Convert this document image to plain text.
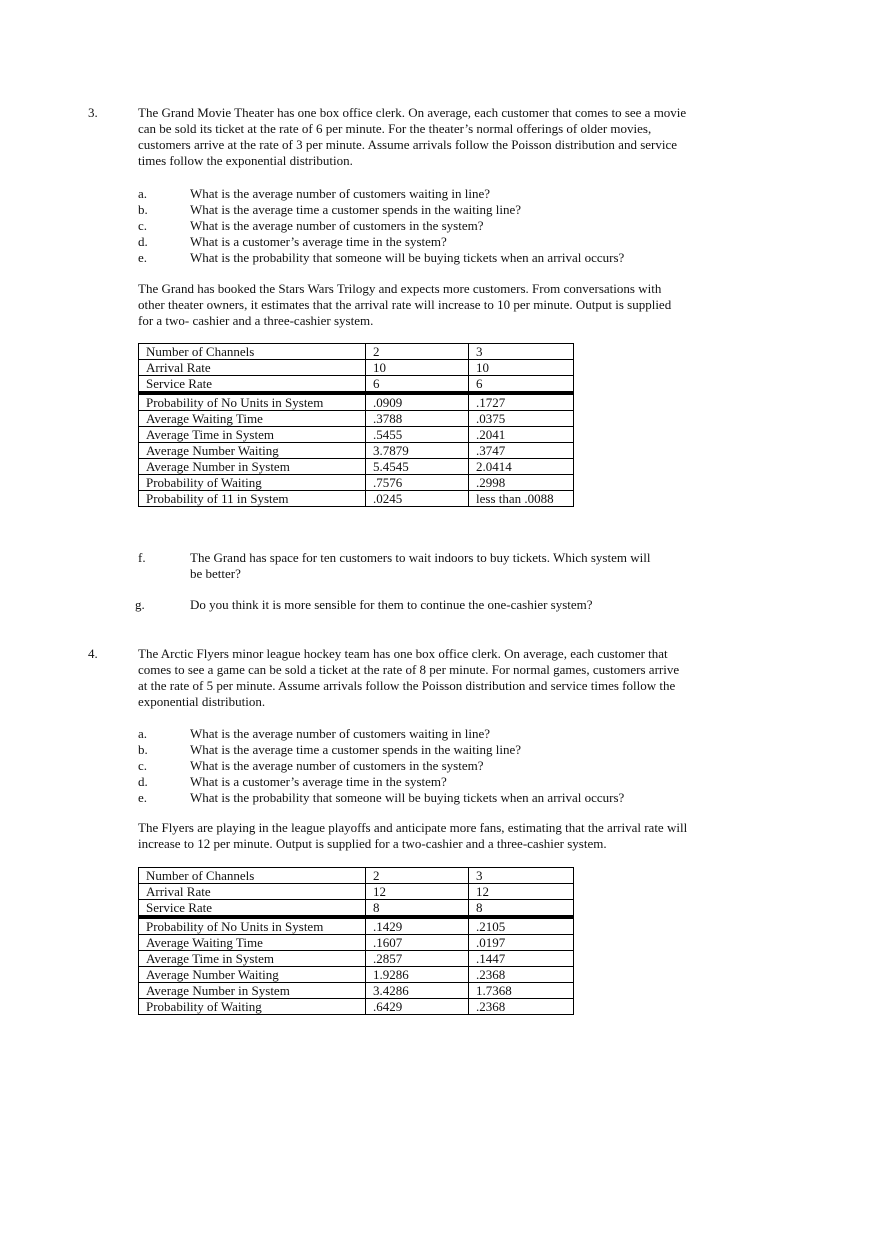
3.	The Grand Movie Theater has one box office clerk. On average, each customer that comes to see a movie
can be sold its ticket at the rate of 6 per minute. For the theater’s normal offerings of older movies,
customers arrive at the rate of 3 per minute. Assume arrivals follow the Poisson distribution and service
times follow the exponential distribution.
a.	What is the average number of customers waiting in line?
b.	What is the average time a customer spends in the waiting line?
c.	What is the average number of customers in the system?
d.	What is a customer’s average time in the system?
e.	What is the probability that someone will be buying tickets when an arrival occurs?
The Grand has booked the Stars Wars Trilogy and expects more customers. From conversations with
other theater owners, it estimates that the arrival rate will increase to 10 per minute. Output is supplied
for a two- cashier and a three-cashier system.
Number of Channels	2	3
Arrival Rate	10	10
Service Rate	6	6
Probability of No Units in System	.0909	.1727
Average Waiting Time	.3788	.0375
Average Time in System	.5455	.2041
Average Number Waiting	3.7879	.3747
Average Number in System	5.4545	2.0414
Probability of Waiting	.7576	.2998
Probability of 11 in System	.0245	less than .0088
f.	The Grand has space for ten customers to wait indoors to buy tickets. Which system will
be better?
g.	Do you think it is more sensible for them to continue the one-cashier system?
4.	The Arctic Flyers minor league hockey team has one box office clerk. On average, each customer that
comes to see a game can be sold a ticket at the rate of 8 per minute. For normal games, customers arrive
at the rate of 5 per minute. Assume arrivals follow the Poisson distribution and service times follow the
exponential distribution.
a.	What is the average number of customers waiting in line?
b.	What is the average time a customer spends in the waiting line?
c.	What is the average number of customers in the system?
d.	What is a customer’s average time in the system?
e.	What is the probability that someone will be buying tickets when an arrival occurs?
The Flyers are playing in the league playoffs and anticipate more fans, estimating that the arrival rate will
increase to 12 per minute. Output is supplied for a two-cashier and a three-cashier system.
Number of Channels	2	3
Arrival Rate	12	12
Service Rate	8	8
Probability of No Units in System	.1429	.2105
Average Waiting Time	.1607	.0197
Average Time in System	.2857	.1447
Average Number Waiting	1.9286	.2368
Average Number in System	3.4286	1.7368
Probability of Waiting	.6429	.2368
